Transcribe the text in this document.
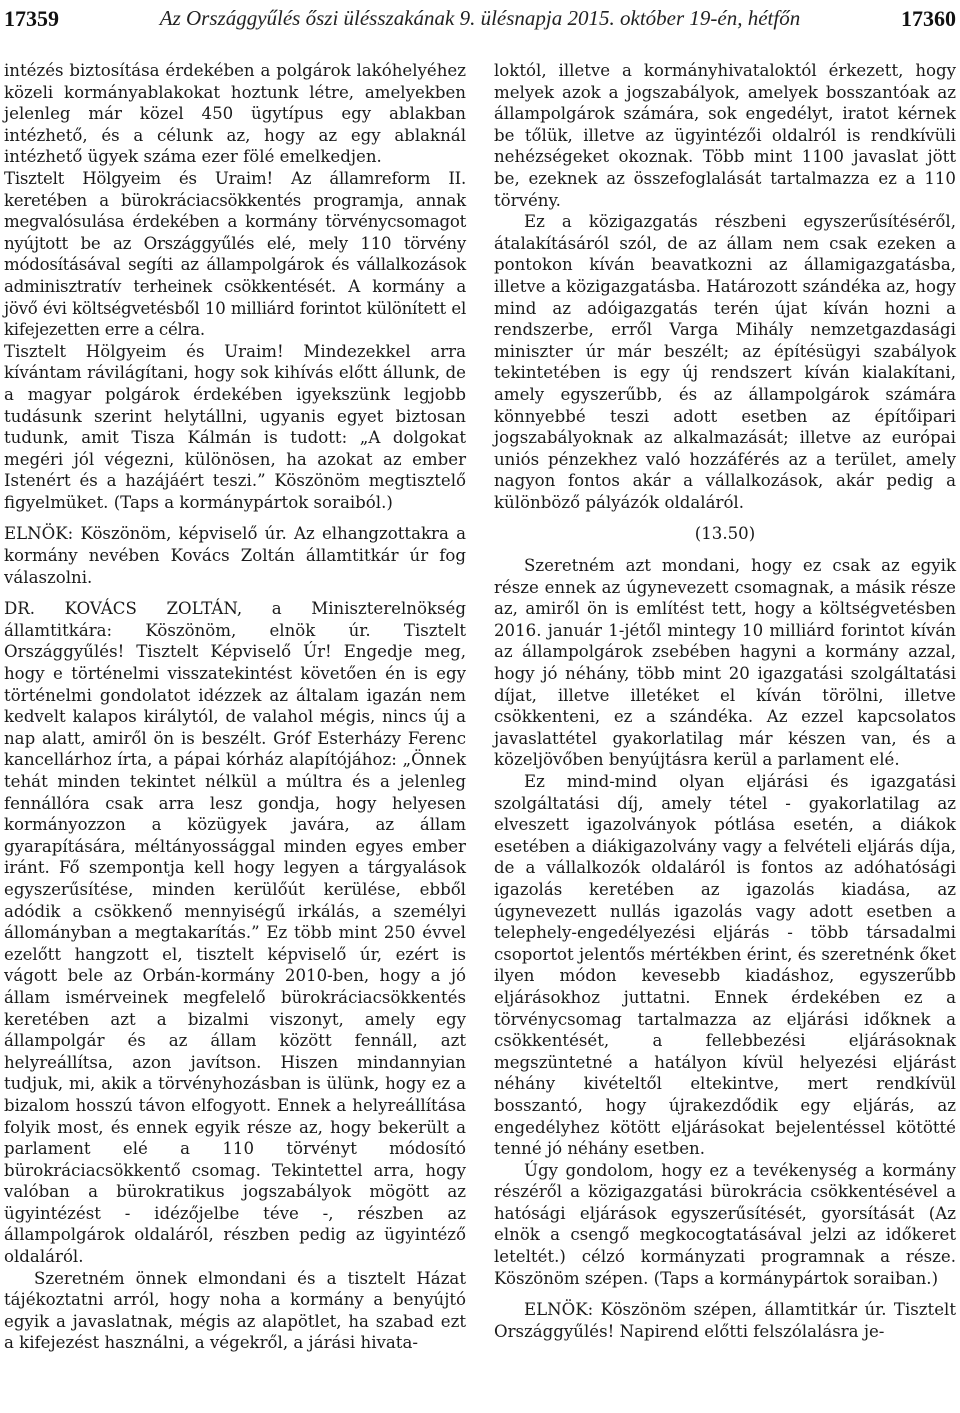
17359	Az Országgyűlés őszi ülésszakának 9. ülésnapja 2015. október 19-én, hétfőn	17360

intézés biztosítása érdekében a polgárok lakóhelyéhez közeli kormányablakokat hoztunk létre, amelyekben jelenleg már közel 450 ügytípus egy ablakban intézhető, és a célunk az, hogy az egy ablaknál intézhető ügyek száma ezer fölé emelkedjen.

Tisztelt Hölgyeim és Uraim! Az államreform II. keretében a bürokráciacsökkentés programja, annak megvalósulása érdekében a kormány törvénycsomagot nyújtott be az Országgyűlés elé, mely 110 törvény módosításával segíti az állampolgárok és vállalkozások adminisztratív terheinek csökkentését. A kormány a jövő évi költségvetésből 10 milliárd forintot különített el kifejezetten erre a célra.

Tisztelt Hölgyeim és Uraim! Mindezekkel arra kívántam rávilágítani, hogy sok kihívás előtt állunk, de a magyar polgárok érdekében igyekszünk legjobb tudásunk szerint helytállni, ugyanis egyet biztosan tudunk, amit Tisza Kálmán is tudott: „A dolgokat megéri jól végezni, különösen, ha azokat az ember Istenért és a hazájáért teszi.” Köszönöm megtisztelő figyelmüket. (Taps a kormánypártok soraiból.)

ELNÖK: Köszönöm, képviselő úr. Az elhangzottakra a kormány nevében Kovács Zoltán államtitkár úr fog válaszolni.

DR. KOVÁCS ZOLTÁN, a Miniszterelnökség államtitkára: Köszönöm, elnök úr. Tisztelt Országgyűlés! Tisztelt Képviselő Úr! Engedje meg, hogy e történelmi visszatekintést követően én is egy történelmi gondolatot idézzek az általam igazán nem kedvelt kalapos királytól, de valahol mégis, nincs új a nap alatt, amiről ön is beszélt. Gróf Esterházy Ferenc kancellárhoz írta, a pápai kórház alapítójához: „Önnek tehát minden tekintet nélkül a múltra és a jelenleg fennállóra csak arra lesz gondja, hogy helyesen kormányozzon a közügyek javára, az állam gyarapítására, méltányossággal minden egyes ember iránt. Fő szempontja kell hogy legyen a tárgyalások egyszerűsítése, minden kerülőút kerülése, ebből adódik a csökkenő mennyiségű irkálás, a személyi állományban a megtakarítás.” Ez több mint 250 évvel ezelőtt hangzott el, tisztelt képviselő úr, ezért is vágott bele az Orbán-kormány 2010-ben, hogy a jó állam ismérveinek megfelelő bürokráciacsökkentés keretében azt a bizalmi viszonyt, amely egy állampolgár és az állam között fennáll, azt helyreállítsa, azon javítson. Hiszen mindannyian tudjuk, mi, akik a törvényhozásban is ülünk, hogy ez a bizalom hosszú távon elfogyott. Ennek a helyreállítása folyik most, és ennek egyik része az, hogy bekerült a parlament elé a 110 törvényt módosító bürokráciacsökkentő csomag. Tekintettel arra, hogy valóban a bürokratikus jogszabályok mögött az ügyintézést - idézőjelbe téve -, részben az állampolgárok oldaláról, részben pedig az ügyintéző oldaláról.

Szeretném önnek elmondani és a tisztelt Házat tájékoztatni arról, hogy noha a kormány a benyújtó egyik a javaslatnak, mégis az alapötlet, ha szabad ezt a kifejezést használni, a végekről, a járási hivata-

loktól, illetve a kormányhivataloktól érkezett, hogy melyek azok a jogszabályok, amelyek bosszantóak az állampolgárok számára, sok engedélyt, iratot kérnek be tőlük, illetve az ügyintézői oldalról is rendkívüli nehézségeket okoznak. Több mint 1100 javaslat jött be, ezeknek az összefoglalását tartalmazza ez a 110 törvény.

Ez a közigazgatás részbeni egyszerűsítéséről, átalakításáról szól, de az állam nem csak ezeken a pontokon kíván beavatkozni az államigazgatásba, illetve a közigazgatásba. Határozott szándéka az, hogy mind az adóigazgatás terén újat kíván hozni a rendszerbe, erről Varga Mihály nemzetgazdasági miniszter úr már beszélt; az építésügyi szabályok tekintetében is egy új rendszert kíván kialakítani, amely egyszerűbb, és az állampolgárok számára könnyebbé teszi adott esetben az építőipari jogszabályoknak az alkalmazását; illetve az európai uniós pénzekhez való hozzáférés az a terület, amely nagyon fontos akár a vállalkozások, akár pedig a különböző pályázók oldaláról.

(13.50)

Szeretném azt mondani, hogy ez csak az egyik része ennek az úgynevezett csomagnak, a másik része az, amiről ön is említést tett, hogy a költségvetésben 2016. január 1-jétől mintegy 10 milliárd forintot kíván az állampolgárok zsebében hagyni a kormány azzal, hogy jó néhány, több mint 20 igazgatási szolgáltatási díjat, illetve illetéket el kíván törölni, illetve csökkenteni, ez a szándéka. Az ezzel kapcsolatos javaslattétel gyakorlatilag már készen van, és a közeljövőben benyújtásra kerül a parlament elé.

Ez mind-mind olyan eljárási és igazgatási szolgáltatási díj, amely tétel - gyakorlatilag az elveszett igazolványok pótlása esetén, a diákok esetében a diákigazolvány vagy a felvételi eljárás díja, de a vállalkozók oldaláról is fontos az adóhatósági igazolás keretében az igazolás kiadása, az úgynevezett nullás igazolás vagy adott esetben a telephely-engedélyezési eljárás - több társadalmi csoportot jelentős mértékben érint, és szeretnénk őket ilyen módon kevesebb kiadáshoz, egyszerűbb eljárásokhoz juttatni. Ennek érdekében ez a törvénycsomag tartalmazza az eljárási időknek a csökkentését, a fellebbezési eljárásoknak megszüntetné a hatályon kívül helyezési eljárást néhány kivételtől eltekintve, mert rendkívül bosszantó, hogy újrakezdődik egy eljárás, az engedélyhez kötött eljárásokat bejelentéssel kötötté tenné jó néhány esetben.

Úgy gondolom, hogy ez a tevékenység a kormány részéről a közigazgatási bürokrácia csökkentésével a hatósági eljárások egyszerűsítését, gyorsítását (Az elnök a csengő megkocogtatásával jelzi az időkeret leteltét.) célzó kormányzati programnak a része. Köszönöm szépen. (Taps a kormánypártok soraiban.)

ELNÖK: Köszönöm szépen, államtitkár úr. Tisztelt Országgyűlés! Napirend előtti felszólalásra je-
